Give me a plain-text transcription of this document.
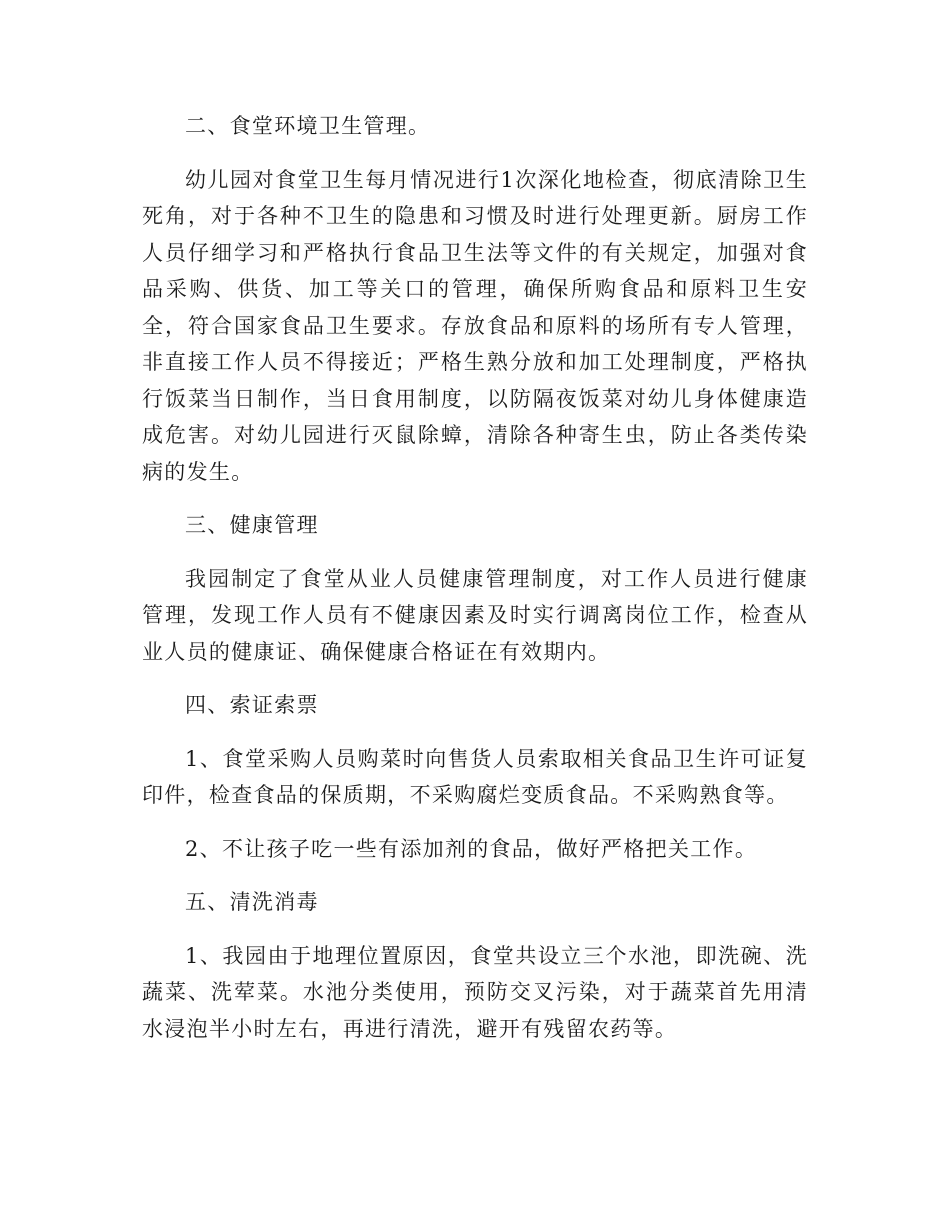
二、食堂环境卫生管理。

幼儿园对食堂卫生每月情况进行1次深化地检查，彻底清除卫生死角，对于各种不卫生的隐患和习惯及时进行处理更新。厨房工作人员仔细学习和严格执行食品卫生法等文件的有关规定，加强对食品采购、供货、加工等关口的管理，确保所购食品和原料卫生安全，符合国家食品卫生要求。存放食品和原料的场所有专人管理，非直接工作人员不得接近；严格生熟分放和加工处理制度，严格执行饭菜当日制作，当日食用制度，以防隔夜饭菜对幼儿身体健康造成危害。对幼儿园进行灭鼠除蟑，清除各种寄生虫，防止各类传染病的发生。

三、健康管理

我园制定了食堂从业人员健康管理制度，对工作人员进行健康管理，发现工作人员有不健康因素及时实行调离岗位工作，检查从业人员的健康证、确保健康合格证在有效期内。

四、索证索票

1、食堂采购人员购菜时向售货人员索取相关食品卫生许可证复印件，检查食品的保质期，不采购腐烂变质食品。不采购熟食等。

2、不让孩子吃一些有添加剂的食品，做好严格把关工作。

五、清洗消毒

1、我园由于地理位置原因，食堂共设立三个水池，即洗碗、洗蔬菜、洗荤菜。水池分类使用，预防交叉污染，对于蔬菜首先用清水浸泡半小时左右，再进行清洗，避开有残留农药等。
